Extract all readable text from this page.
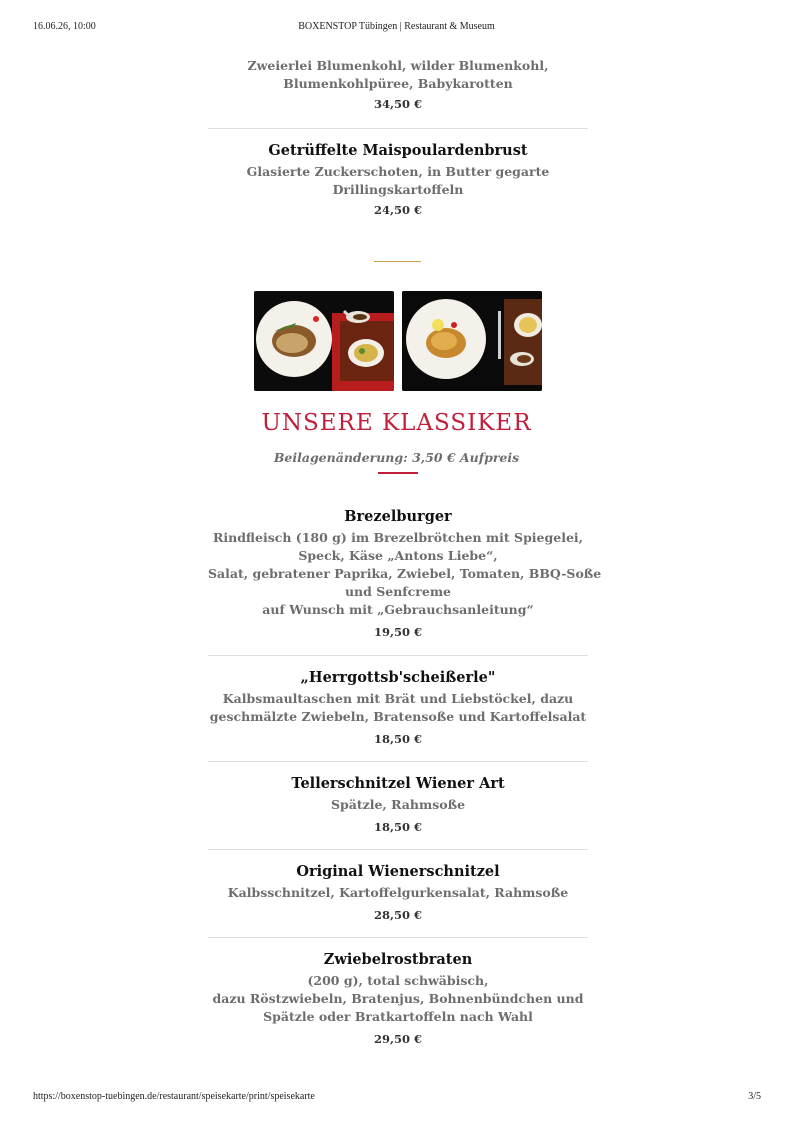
16.06.26, 10:00	BOXENSTOP Tübingen | Restaurant & Museum
https://boxenstop-tuebingen.de/restaurant/speisekarte/print/speisekarte	3/5
Zweierlei Blumenkohl, wilder Blumenkohl,
Blumenkohlpüree, Babykarotten
34,50 €
Getrüffelte Maispoulardenbrust
Glasierte Zuckerschoten, in Butter gegarte
Drillingskartoffeln
24,50 €
UNSERE KLASSIKER
Beilagenänderung: 3,50 € Aufpreis
Brezelburger
Rindfleisch (180 g) im Brezelbrötchen mit Spiegelei,
Speck, Käse „Antons Liebe“,
Salat, gebratener Paprika, Zwiebel, Tomaten, BBQ-Soße
und Senfcreme
auf Wunsch mit „Gebrauchsanleitung“
19,50 €
„Herrgottsb'scheißerle"
Kalbsmaultaschen mit Brät und Liebstöckel, dazu
geschmälzte Zwiebeln, Bratensoße und Kartoffelsalat
18,50 €
Tellerschnitzel Wiener Art
Spätzle, Rahmsoße
18,50 €
Original Wienerschnitzel
Kalbsschnitzel, Kartoffelgurkensalat, Rahmsoße
28,50 €
Zwiebelrostbraten
(200 g), total schwäbisch,
dazu Röstzwiebeln, Bratenjus, Bohnenbündchen und
Spätzle oder Bratkartoffeln nach Wahl
29,50 €
